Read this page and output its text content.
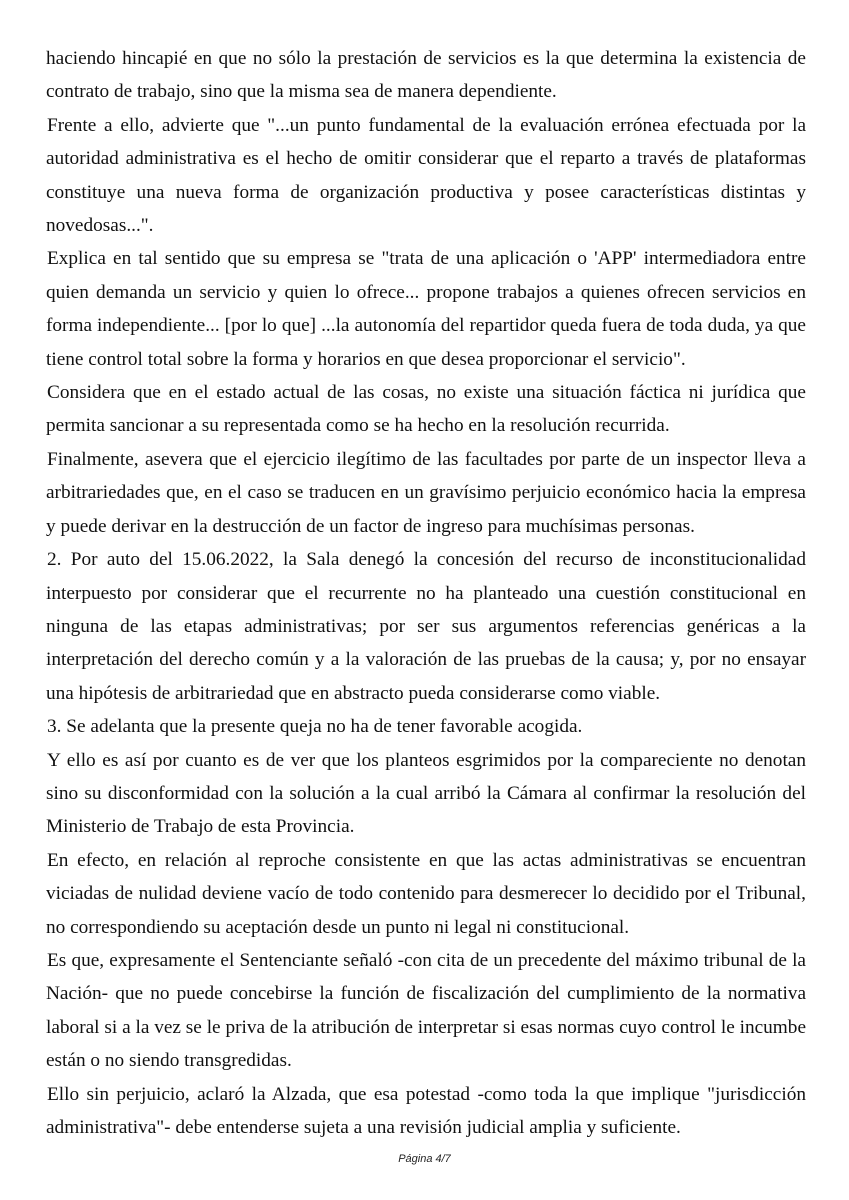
haciendo hincapié en que no sólo la prestación de servicios es la que determina la existencia de contrato de trabajo, sino que la misma sea de manera dependiente.

Frente a ello, advierte que "...un punto fundamental de la evaluación errónea efectuada por la autoridad administrativa es el hecho de omitir considerar que el reparto a través de plataformas constituye una nueva forma de organización productiva y posee características distintas y novedosas...".

Explica en tal sentido que su empresa se "trata de una aplicación o 'APP' intermediadora entre quien demanda un servicio y quien lo ofrece... propone trabajos a quienes ofrecen servicios en forma independiente... [por lo que] ...la autonomía del repartidor queda fuera de toda duda, ya que tiene control total sobre la forma y horarios en que desea proporcionar el servicio".

Considera que en el estado actual de las cosas, no existe una situación fáctica ni jurídica que permita sancionar a su representada como se ha hecho en la resolución recurrida.

Finalmente, asevera que el ejercicio ilegítimo de las facultades por parte de un inspector lleva a arbitrariedades que, en el caso se traducen en un gravísimo perjuicio económico hacia la empresa y puede derivar en la destrucción de un factor de ingreso para muchísimas personas.

2. Por auto del 15.06.2022, la Sala denegó la concesión del recurso de inconstitucionalidad interpuesto por considerar que el recurrente no ha planteado una cuestión constitucional en ninguna de las etapas administrativas; por ser sus argumentos referencias genéricas a la interpretación del derecho común y a la valoración de las pruebas de la causa; y, por no ensayar una hipótesis de arbitrariedad que en abstracto pueda considerarse como viable.

3. Se adelanta que la presente queja no ha de tener favorable acogida.

Y ello es así por cuanto es de ver que los planteos esgrimidos por la compareciente no denotan sino su disconformidad con la solución a la cual arribó la Cámara al confirmar la resolución del Ministerio de Trabajo de esta Provincia.

En efecto, en relación al reproche consistente en que las actas administrativas se encuentran viciadas de nulidad deviene vacío de todo contenido para desmerecer lo decidido por el Tribunal, no correspondiendo su aceptación desde un punto ni legal ni constitucional.

Es que, expresamente el Sentenciante señaló -con cita de un precedente del máximo tribunal de la Nación- que no puede concebirse la función de fiscalización del cumplimiento de la normativa laboral si a la vez se le priva de la atribución de interpretar si esas normas cuyo control le incumbe están o no siendo transgredidas.

Ello sin perjuicio, aclaró la Alzada, que esa potestad -como toda la que implique "jurisdicción administrativa"- debe entenderse sujeta a una revisión judicial amplia y suficiente.

Página 4/7
